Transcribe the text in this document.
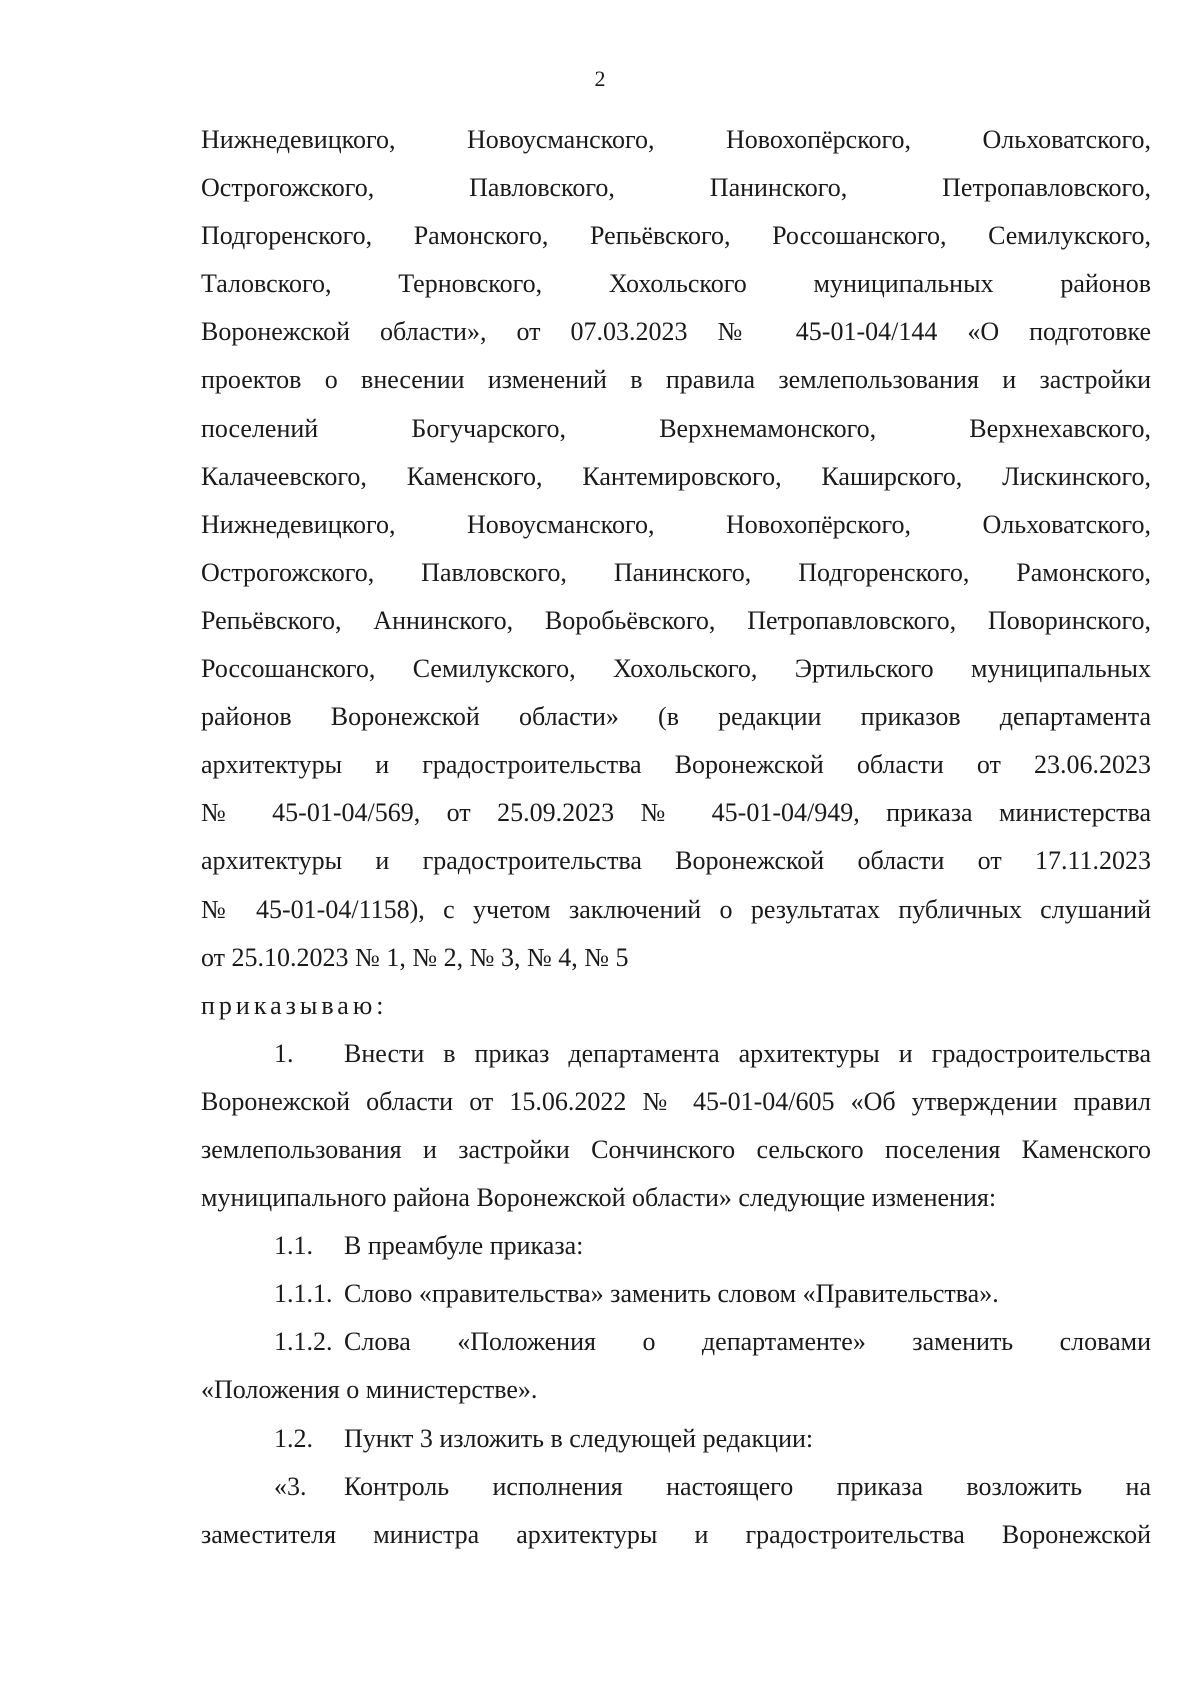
2
Нижнедевицкого, Новоусманского, Новохопёрского, Ольховатского,
Острогожского, Павловского, Панинского, Петропавловского,
Подгоренского, Рамонского, Репьёвского, Россошанского, Семилукского,
Таловского, Терновского, Хохольского муниципальных районов
Воронежской области», от 07.03.2023 № 45-01-04/144 «О подготовке
проектов о внесении изменений в правила землепользования и застройки
поселений Богучарского, Верхнемамонского, Верхнехавского,
Калачеевского, Каменского, Кантемировского, Каширского, Лискинского,
Нижнедевицкого, Новоусманского, Новохопёрского, Ольховатского,
Острогожского, Павловского, Панинского, Подгоренского, Рамонского,
Репьёвского, Аннинского, Воробьёвского, Петропавловского, Поворинского,
Россошанского, Семилукского, Хохольского, Эртильского муниципальных
районов Воронежской области» (в редакции приказов департамента
архитектуры и градостроительства Воронежской области от 23.06.2023
№ 45-01-04/569, от 25.09.2023 № 45-01-04/949, приказа министерства
архитектуры и градостроительства Воронежской области от 17.11.2023
№ 45-01-04/1158), с учетом заключений о результатах публичных слушаний
от 25.10.2023 № 1, № 2, № 3, № 4, № 5
приказываю:
1. Внести в приказ департамента архитектуры и градостроительства
Воронежской области от 15.06.2022 № 45-01-04/605 «Об утверждении правил
землепользования и застройки Сончинского сельского поселения Каменского
муниципального района Воронежской области» следующие изменения:
1.1. В преамбуле приказа:
1.1.1. Слово «правительства» заменить словом «Правительства».
1.1.2. Слова «Положения о департаменте» заменить словами
«Положения о министерстве».
1.2. Пункт 3 изложить в следующей редакции:
«3. Контроль исполнения настоящего приказа возложить на
заместителя министра архитектуры и градостроительства Воронежской
